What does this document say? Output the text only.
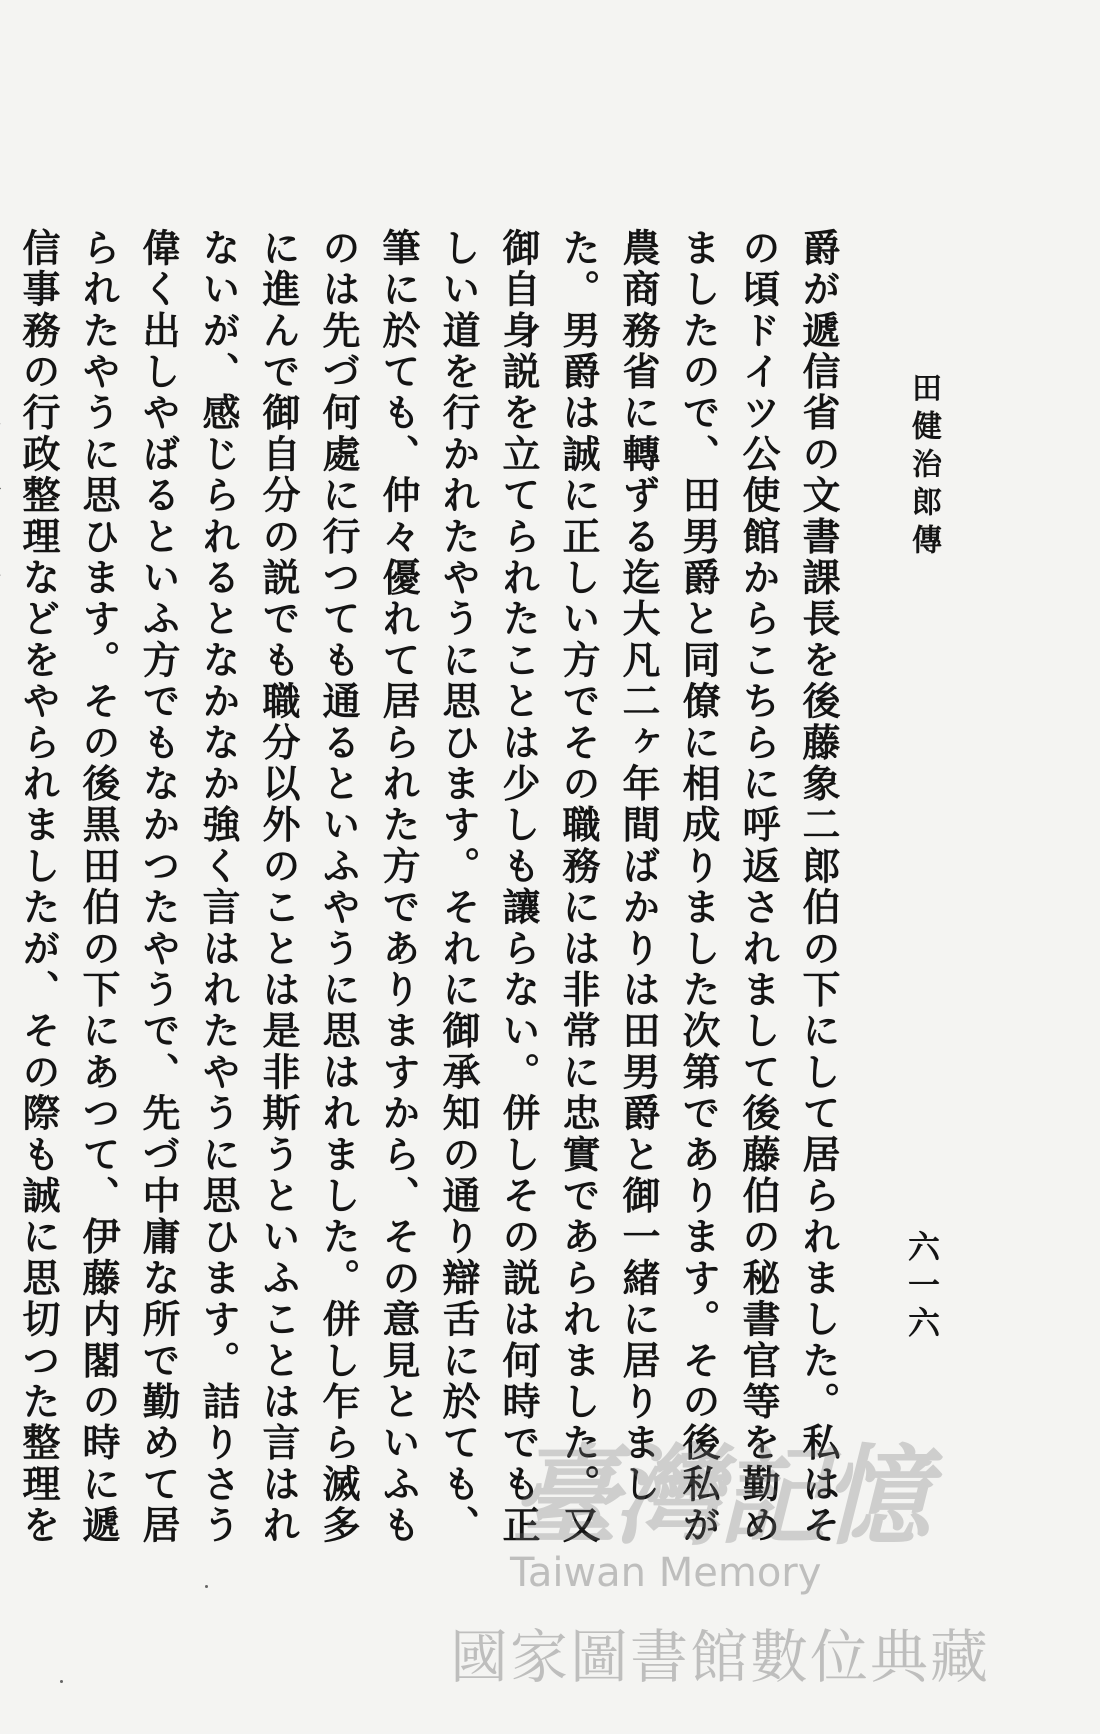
田健治郎傳

爵が遞信省の文書課長を後藤象二郎伯の下にして居られました。私はその頃ドイツ公使館からこちらに呼返されまして後藤伯の秘書官等を勤めましたので、田男爵と同僚に相成りました次第であります。その後私が農商務省に轉ずる迄大凡二ヶ年間ばかりは田男爵と御一緒に居りました。男爵は誠に正しい方でその職務には非常に忠實であられました。又御自身説を立てられたことは少しも讓らない。併しその説は何時でも正しい道を行かれたやうに思ひます。それに御承知の通り辯舌に於ても、筆に於ても、仲々優れて居られた方でありますから、その意見といふものは先づ何處に行つても通るといふやうに思はれました。併し乍ら滅多に進んで御自分の説でも職分以外のことは是非斯うといふことは言はれないが、感じられるとなかなか強く言はれたやうに思ひます。詰りさう偉く出しやばるといふ方でもなかつたやうで、先づ中庸な所で勤めて居られたやうに思ひます。その後黒田伯の下にあつて、伊藤内閣の時に遞信事務の行政整理などをやられましたが、その際も誠に思切つた整理を

六一六
臺灣記憶
Taiwan Memory
國家圖書館數位典藏
